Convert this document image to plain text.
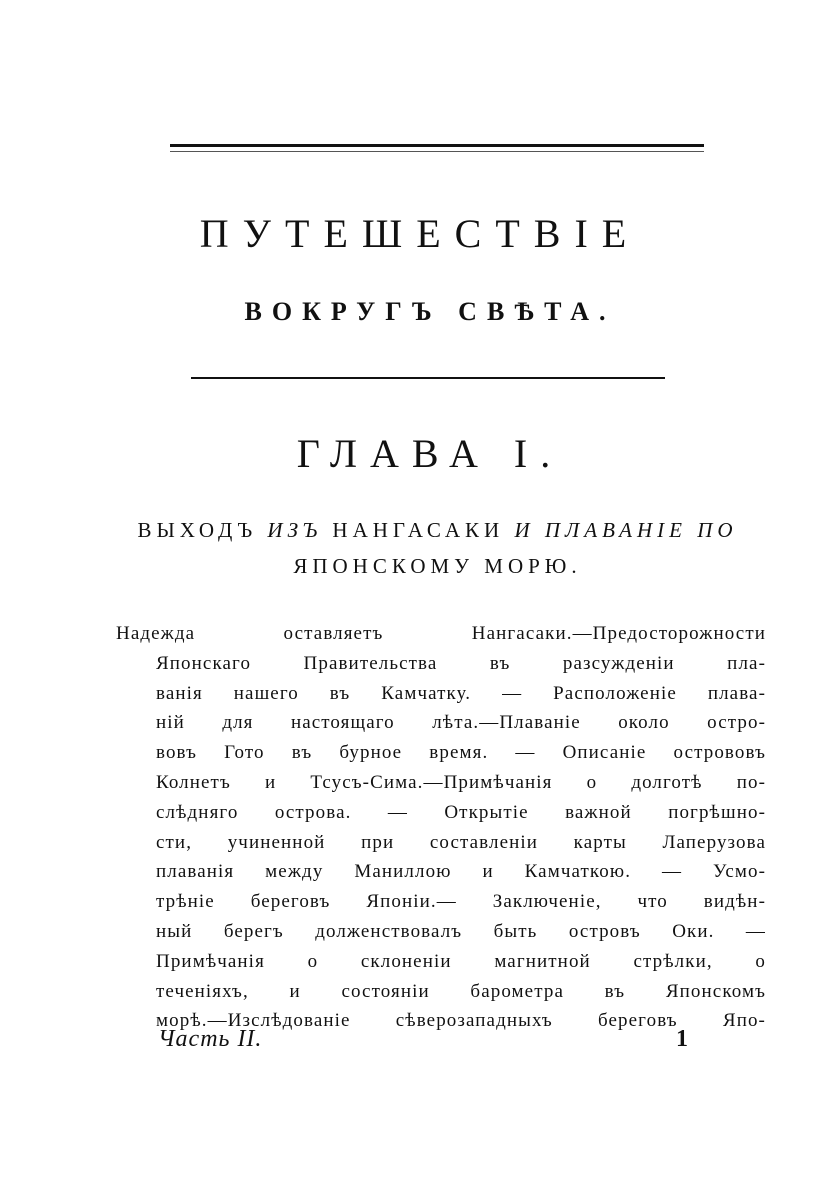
ПУТЕШЕСТВІЕ
ВОКРУГЪ СВѢТА.
ГЛАВА I.
ВЫХОДЪ ИЗЪ НАНГАСАКИ И ПЛАВАНІЕ ПО
ЯПОНСКОМУ МОРЮ.
Надежда оставляетъ Нангасаки.—Предосторожности
Японскаго Правительства въ разсужденіи пла-
ванія нашего въ Камчатку. — Расположеніе плава-
ній для настоящаго лѣта.—Плаваніе около остро-
вовъ Гото въ бурное время. — Описаніе острововъ
Колнетъ и Тсусъ-Сима.—Примѣчанія о долготѣ по-
слѣдняго острова. — Открытіе важной погрѣшно-
сти, учиненной при составленіи карты Лаперузова
плаванія между Маниллою и Камчаткою. — Усмо-
трѣніе береговъ Японіи.— Заключеніе, что видѣн-
ный берегъ долженствовалъ быть островъ Оки. —
Примѣчанія о склоненіи магнитной стрѣлки, о
теченіяхъ, и состояніи барометра въ Японскомъ
морѣ.—Изслѣдованіе сѣверозападныхъ береговъ Япо-
Часть II.	1
